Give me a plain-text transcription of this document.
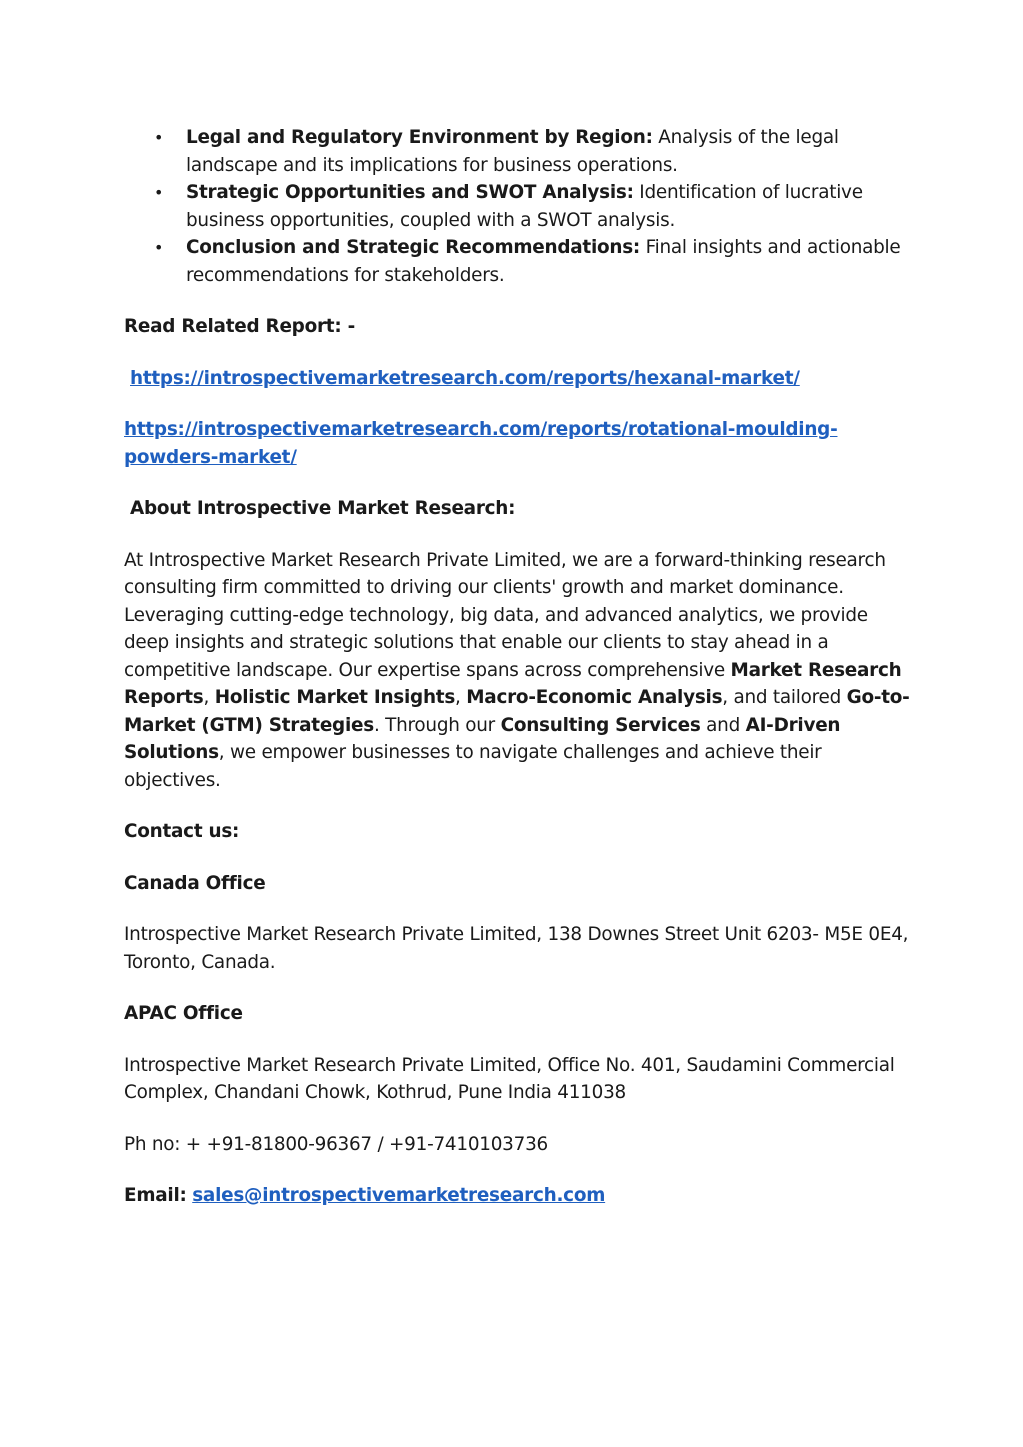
• Legal and Regulatory Environment by Region: Analysis of the legal landscape and its implications for business operations.
• Strategic Opportunities and SWOT Analysis: Identification of lucrative business opportunities, coupled with a SWOT analysis.
• Conclusion and Strategic Recommendations: Final insights and actionable recommendations for stakeholders.

Read Related Report: -

https://introspectivemarketresearch.com/reports/hexanal-market/

https://introspectivemarketresearch.com/reports/rotational-moulding-powders-market/

About Introspective Market Research:

At Introspective Market Research Private Limited, we are a forward-thinking research consulting firm committed to driving our clients' growth and market dominance. Leveraging cutting-edge technology, big data, and advanced analytics, we provide deep insights and strategic solutions that enable our clients to stay ahead in a competitive landscape. Our expertise spans across comprehensive Market Research Reports, Holistic Market Insights, Macro-Economic Analysis, and tailored Go-to-Market (GTM) Strategies. Through our Consulting Services and AI-Driven Solutions, we empower businesses to navigate challenges and achieve their objectives.

Contact us:

Canada Office

Introspective Market Research Private Limited, 138 Downes Street Unit 6203- M5E 0E4, Toronto, Canada.

APAC Office

Introspective Market Research Private Limited, Office No. 401, Saudamini Commercial Complex, Chandani Chowk, Kothrud, Pune India 411038

Ph no: + +91-81800-96367 / +91-7410103736

Email: sales@introspectivemarketresearch.com
